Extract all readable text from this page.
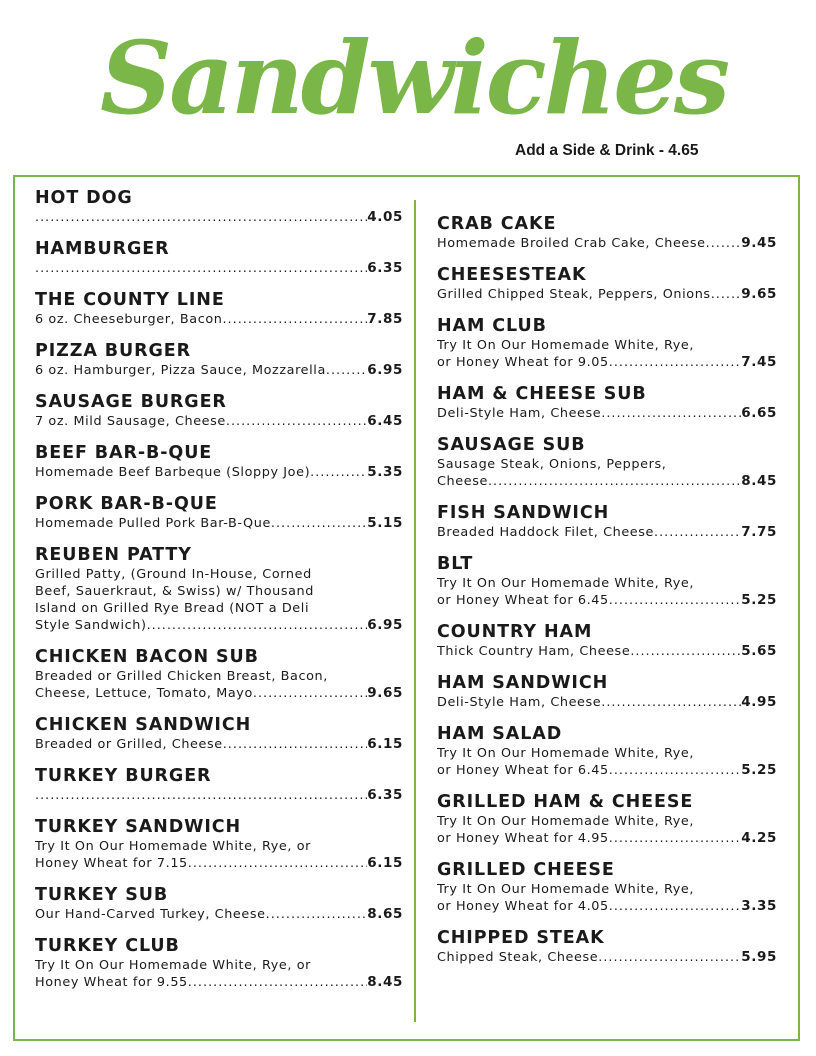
Sandwiches
Add a Side & Drink - 4.65
HOT DOG
.....
4.05
HAMBURGER
.....
6.35
THE COUNTY LINE
6 oz. Cheeseburger, Bacon .....	7.85
PIZZA BURGER
6 oz. Hamburger, Pizza Sauce, Mozzarella .....	6.95
SAUSAGE BURGER
7 oz. Mild Sausage, Cheese .....	6.45
BEEF BAR-B-QUE
Homemade Beef Barbeque (Sloppy Joe) .....	5.35
PORK BAR-B-QUE
Homemade Pulled Pork Bar-B-Que .....	5.15
REUBEN PATTY
Grilled Patty, (Ground In-House, Corned
Beef, Sauerkraut, & Swiss) w/ Thousand
Island on Grilled Rye Bread (NOT a Deli
Style Sandwich) .....	6.95
CHICKEN BACON SUB
Breaded or Grilled Chicken Breast, Bacon,
Cheese, Lettuce, Tomato, Mayo .....	9.65
CHICKEN SANDWICH
Breaded or Grilled, Cheese .....	6.15
TURKEY BURGER
.....
6.35
TURKEY SANDWICH
Try It On Our Homemade White, Rye, or
Honey Wheat for 7.15 .....	6.15
TURKEY SUB
Our Hand-Carved Turkey, Cheese .....	8.65
TURKEY CLUB
Try It On Our Homemade White, Rye, or
Honey Wheat for 9.55 .....	8.45
CRAB CAKE
Homemade Broiled Crab Cake, Cheese .....	9.45
CHEESESTEAK
Grilled Chipped Steak, Peppers, Onions ..... 9.65
HAM CLUB
Try It On Our Homemade White, Rye,
or Honey Wheat for 9.05 .....	7.45
HAM & CHEESE SUB
Deli-Style Ham, Cheese .....	6.65
SAUSAGE SUB
Sausage Steak, Onions, Peppers,
Cheese .....	8.45
FISH SANDWICH
Breaded Haddock Filet, Cheese .....	7.75
BLT
Try It On Our Homemade White, Rye,
or Honey Wheat for 6.45 .....	5.25
COUNTRY HAM
Thick Country Ham, Cheese .....	5.65
HAM SANDWICH
Deli-Style Ham, Cheese .....	4.95
HAM SALAD
Try It On Our Homemade White, Rye,
or Honey Wheat for 6.45 .....	5.25
GRILLED HAM & CHEESE
Try It On Our Homemade White, Rye,
or Honey Wheat for 4.95 .....	4.25
GRILLED CHEESE
Try It On Our Homemade White, Rye,
or Honey Wheat for 4.05 .....	3.35
CHIPPED STEAK
Chipped Steak, Cheese .....	5.95
